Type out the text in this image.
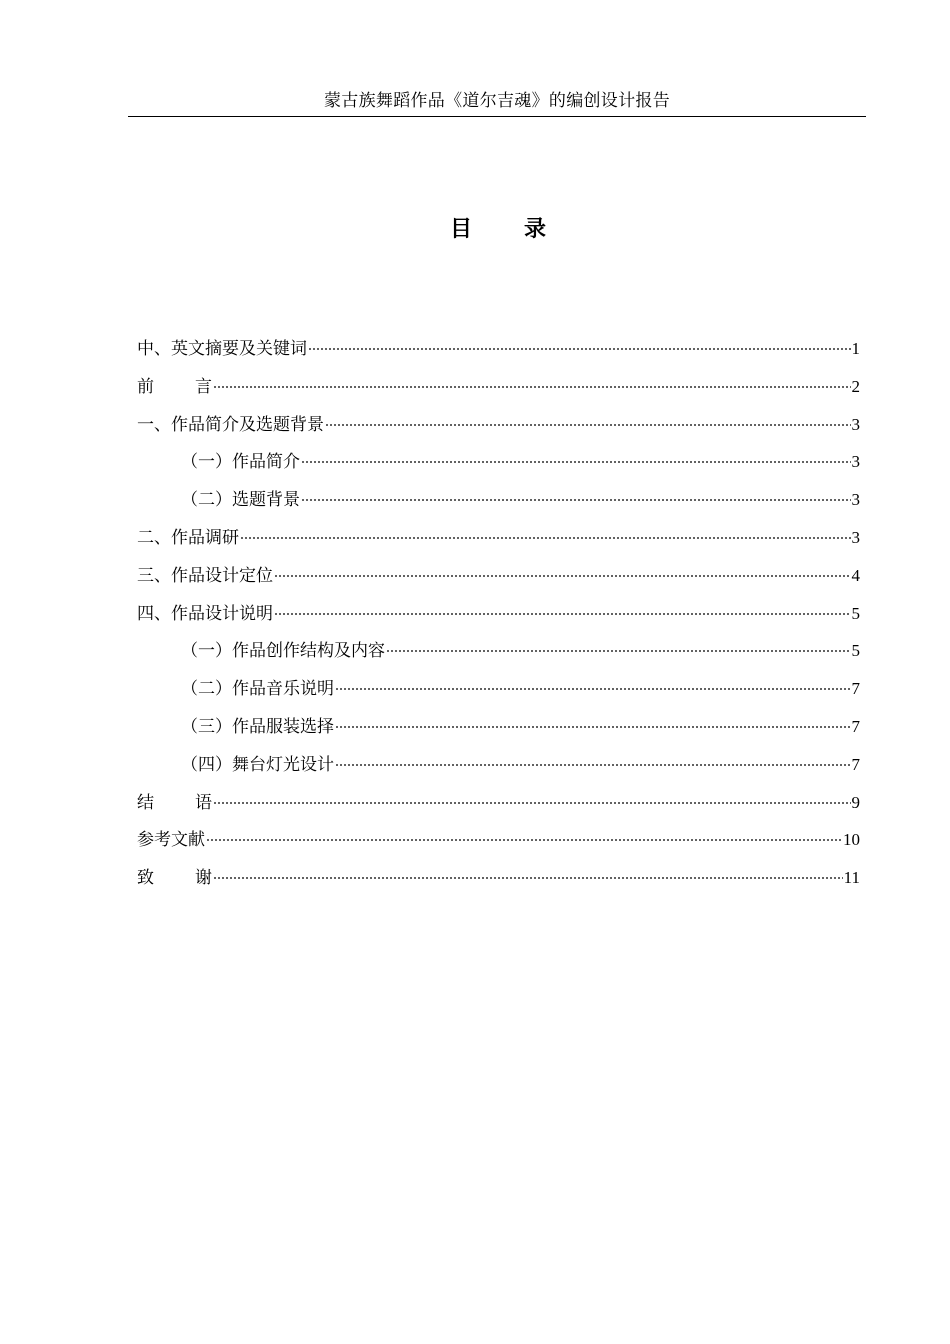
蒙古族舞蹈作品《道尔吉魂》的编创设计报告
目 录
中、英文摘要及关键词	1
前 言	2
一、作品简介及选题背景	3
（一）作品简介	3
（二）选题背景	3
二、作品调研	3
三、作品设计定位	4
四、作品设计说明	5
（一）作品创作结构及内容	5
（二）作品音乐说明	7
（三）作品服装选择	7
（四）舞台灯光设计	7
结 语	9
参考文献	10
致 谢	11
